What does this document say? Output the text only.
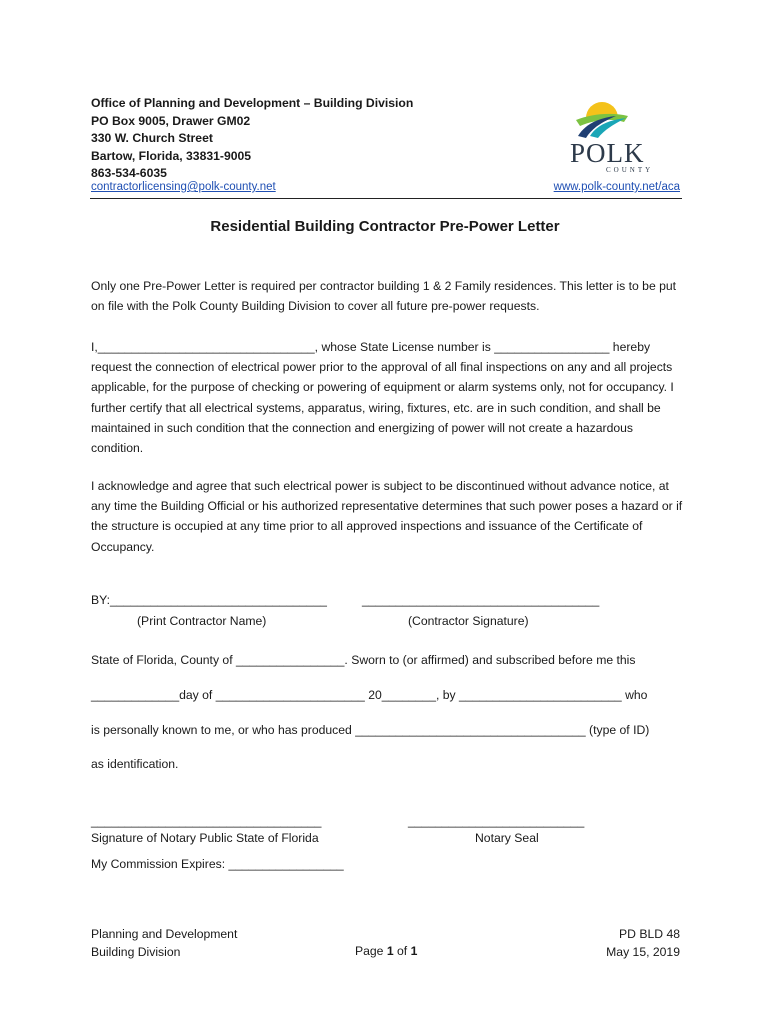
Office of Planning and Development – Building Division
PO Box 9005, Drawer GM02
330 W. Church Street
Bartow, Florida, 33831-9005
863-534-6035
contractorlicensing@polk-county.net	www.polk-county.net/aca
POLK
COUNTY
Residential Building Contractor Pre-Power Letter
Only one Pre-Power Letter is required per contractor building 1 & 2 Family residences. This letter is to be put on file with the Polk County Building Division to cover all future pre-power requests.
I,________________________________, whose State License number is _________________ hereby request the connection of electrical power prior to the approval of all final inspections on any and all projects applicable, for the purpose of checking or powering of equipment or alarm systems only, not for occupancy. I further certify that all electrical systems, apparatus, wiring, fixtures, etc. are in such condition, and shall be maintained in such condition that the connection and energizing of power will not create a hazardous condition.
I acknowledge and agree that such electrical power is subject to be discontinued without advance notice, at any time the Building Official or his authorized representative determines that such power poses a hazard or if the structure is occupied at any time prior to all approved inspections and issuance of the Certificate of Occupancy.
BY:________________________________	___________________________________
(Print Contractor Name)	(Contractor Signature)
State of Florida, County of ________________. Sworn to (or affirmed) and subscribed before me this
_____________day of ______________________ 20________, by ________________________ who
is personally known to me, or who has produced __________________________________ (type of ID)
as identification.
__________________________________	__________________________
Signature of Notary Public State of Florida	Notary Seal
My Commission Expires: _________________
Planning and Development
Building Division	Page 1 of 1
PD BLD 48
May 15, 2019
